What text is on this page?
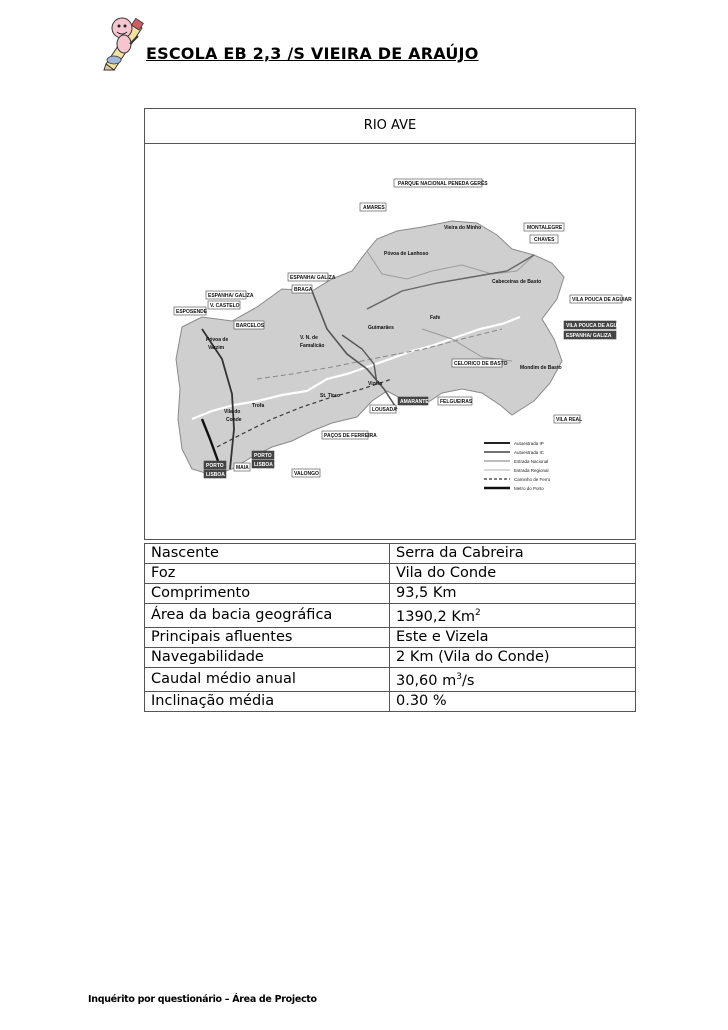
ESCOLA EB 2,3 /S VIEIRA DE ARAÚJO
RIO AVE
PARQUE NACIONAL PENEDA GERÊS
AMARES
Vieira do Minho	MONTALEGRE
CHAVES
Póvoa de Lanhoso
Cabeceiras de Basto
ESPANHA/ GALIZA
ESPANHA/ GALIZA
V. CASTELO
BRAGA
VILA POUCA DE AGUIAR
ESPOSENDE
BARCELOS	Guimarães
Fafe
VILA POUCA DE AGUIAR
ESPANHA/ GALIZA
Póvoa de
Varzim
V. N. de
Famalicão
CELORICO DE BASTO
Mondim de Basto
Vizela
Trofa
St. Tirso
AMARANTE FELGUEIRAS
LOUSADA
Vila do
Conde	VILA REAL
PAÇOS DE FERREIRA
PORTO
LISBOA
MAIA
PORTO
LISBOA	VALONGO
Autoestrada IP
Autoestrada IC
Estrada Nacional
Estrada Regional
Caminho de Ferro
Metro do Porto
Nascente	Serra da Cabreira
Foz	Vila do Conde
Comprimento	93,5 Km
Área da bacia geográfica	1390,2 Km$^2$
Principais afluentes	Este e Vizela
Navegabilidade	2 Km (Vila do Conde)
Caudal médio anual	30,60 $m^3/s$
Inclinação média	0.30 %
Inquérito por questionário – Área de Projecto
